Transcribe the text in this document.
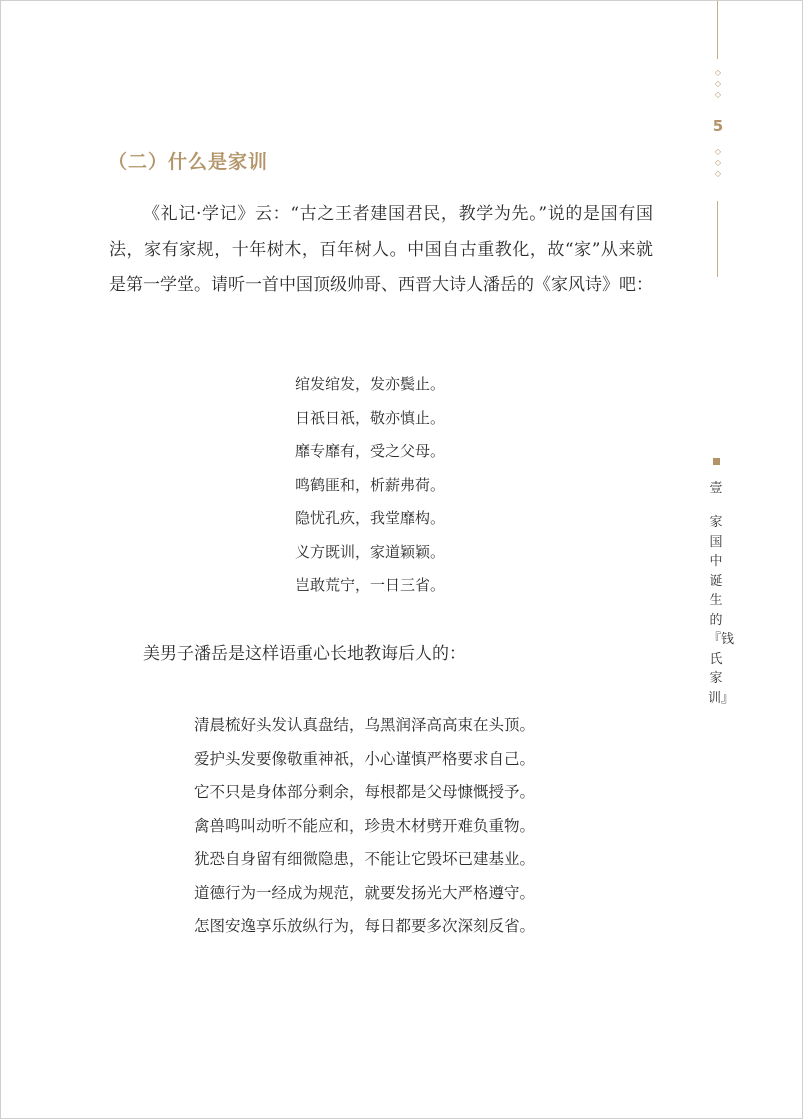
◇
◇
◇
5
◇
◇
◇
壹
家国中诞生的『钱氏家训』
（二）什么是家训
《礼记·学记》云：“古之王者建国君民，教学为先。”说的是国有国法，家有家规，十年树木，百年树人。中国自古重教化，故“家”从来就是第一学堂。请听一首中国顶级帅哥、西晋大诗人潘岳的《家风诗》吧：
绾发绾发，发亦鬓止。
日祇日祇，敬亦慎止。
靡专靡有，受之父母。
鸣鹤匪和，析薪弗荷。
隐忧孔疚，我堂靡构。
义方既训，家道颖颖。
岂敢荒宁，一日三省。
美男子潘岳是这样语重心长地教诲后人的：
清晨梳好头发认真盘结，乌黑润泽高高束在头顶。
爱护头发要像敬重神祇，小心谨慎严格要求自己。
它不只是身体部分剩余，每根都是父母慷慨授予。
禽兽鸣叫动听不能应和，珍贵木材劈开难负重物。
犹恐自身留有细微隐患，不能让它毁坏已建基业。
道德行为一经成为规范，就要发扬光大严格遵守。
怎图安逸享乐放纵行为，每日都要多次深刻反省。
